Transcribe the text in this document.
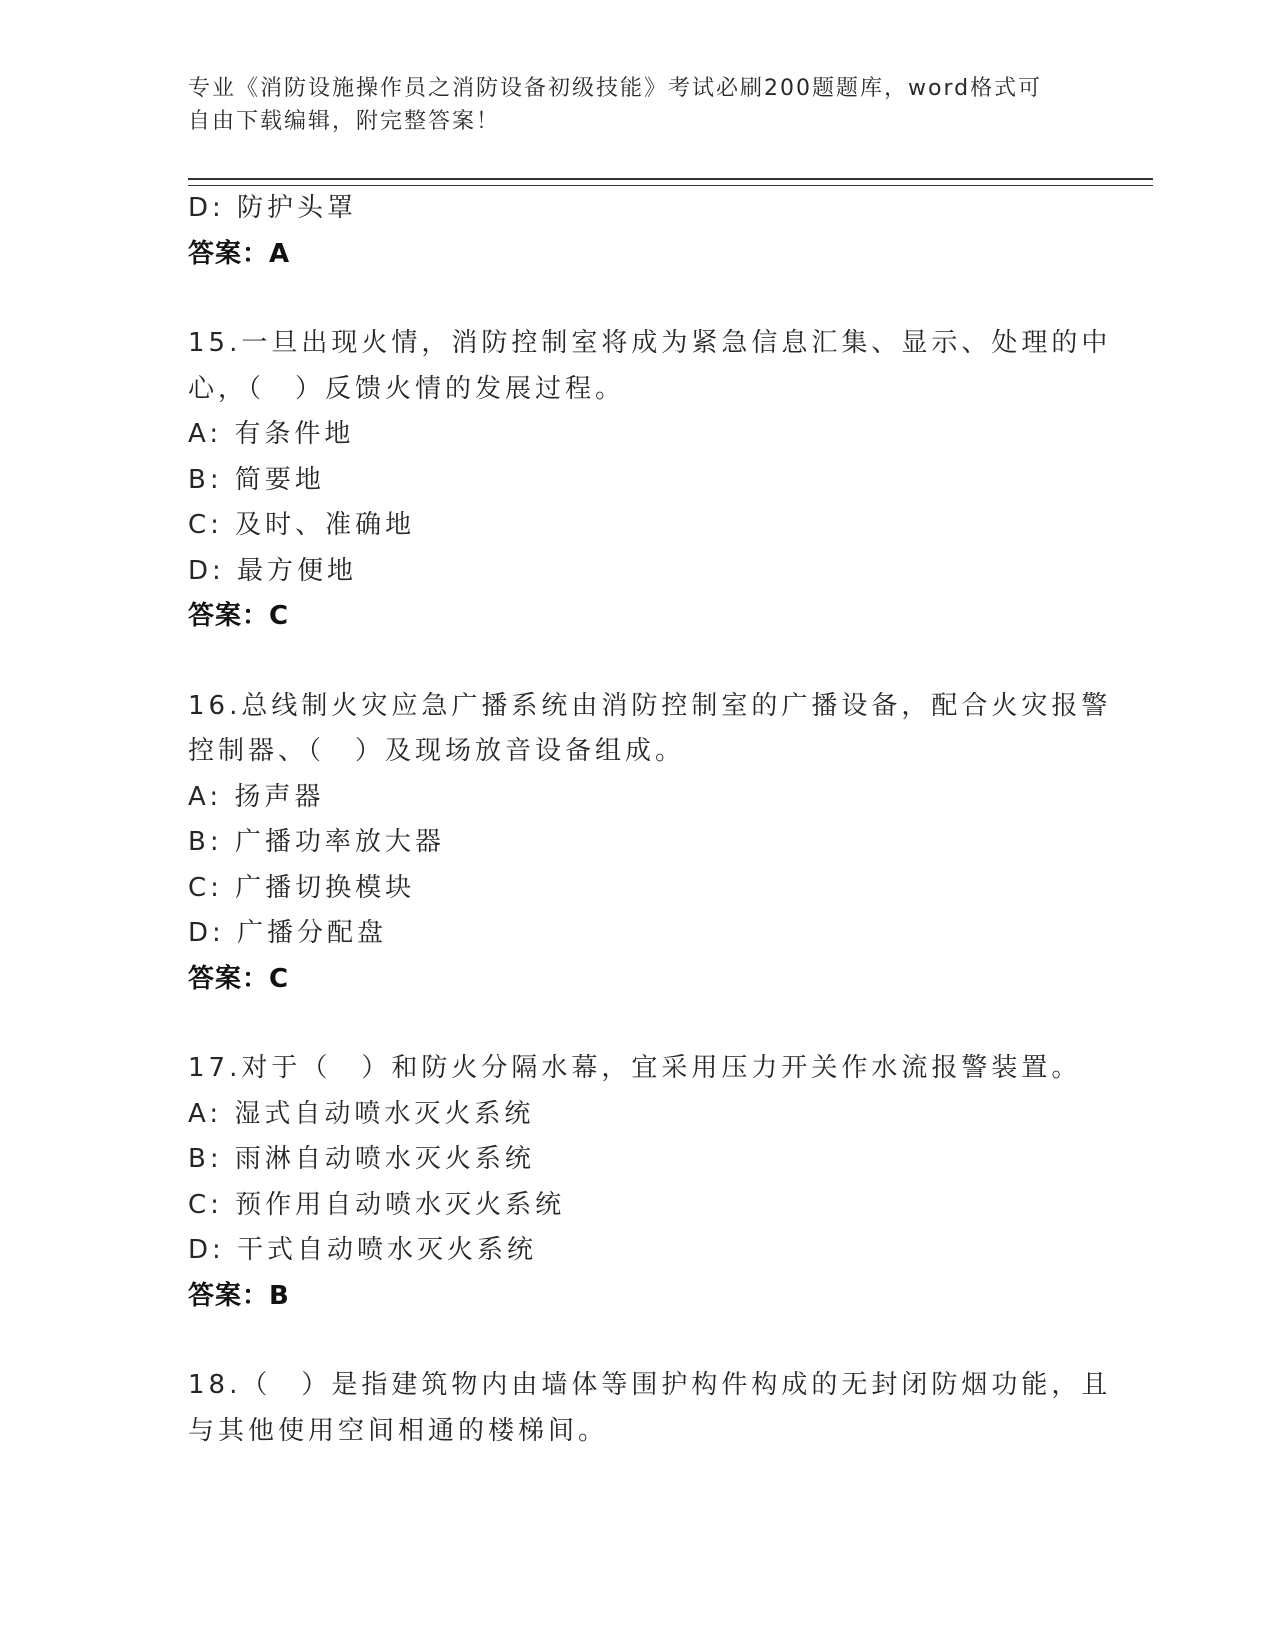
专业《消防设施操作员之消防设备初级技能》考试必刷200题题库，word格式可
自由下载编辑，附完整答案！
D: 防护头罩
答案：A
15.一旦出现火情，消防控制室将成为紧急信息汇集、显示、处理的中
心，（　）反馈火情的发展过程。
A: 有条件地
B: 简要地
C: 及时、准确地
D: 最方便地
答案：C
16.总线制火灾应急广播系统由消防控制室的广播设备，配合火灾报警
控制器、（　）及现场放音设备组成。
A: 扬声器
B: 广播功率放大器
C: 广播切换模块
D: 广播分配盘
答案：C
17.对于（　）和防火分隔水幕，宜采用压力开关作水流报警装置。
A: 湿式自动喷水灭火系统
B: 雨淋自动喷水灭火系统
C: 预作用自动喷水灭火系统
D: 干式自动喷水灭火系统
答案：B
18.（　）是指建筑物内由墙体等围护构件构成的无封闭防烟功能，且
与其他使用空间相通的楼梯间。
